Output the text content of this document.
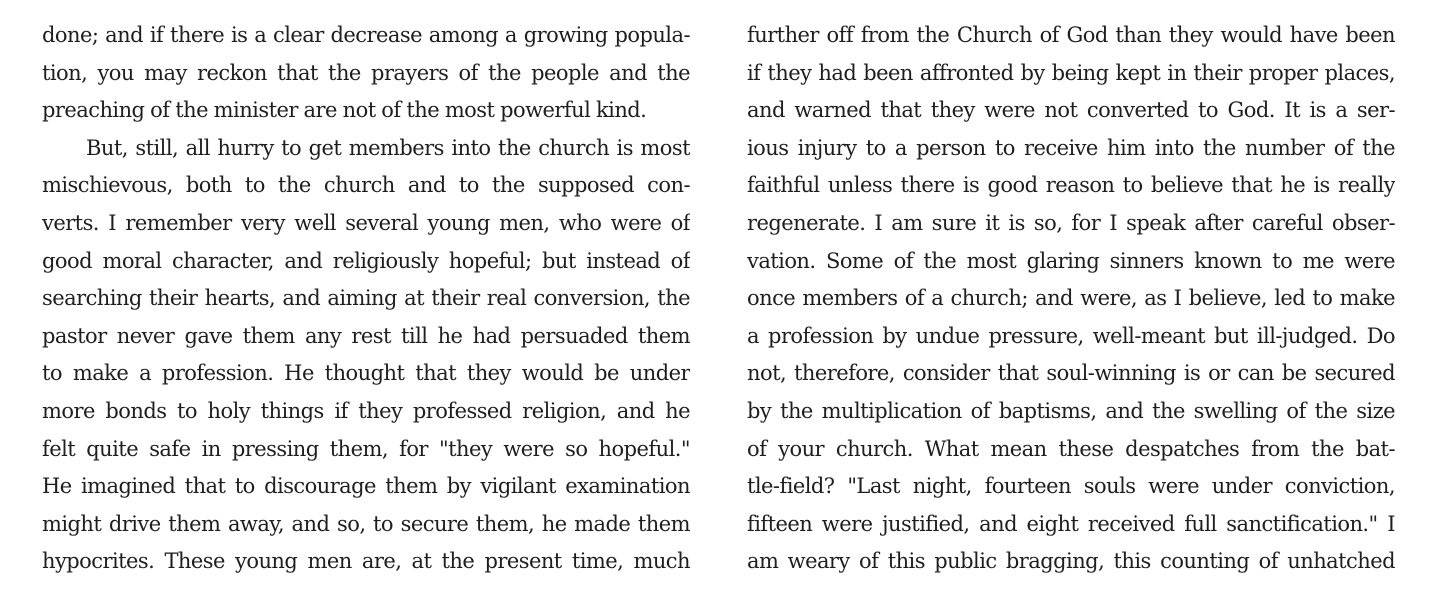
done; and if there is a clear decrease among a growing popula-
tion, you may reckon that the prayers of the people and the
preaching of the minister are not of the most powerful kind.
But, still, all hurry to get members into the church is most
mischievous, both to the church and to the supposed con-
verts. I remember very well several young men, who were of
good moral character, and religiously hopeful; but instead of
searching their hearts, and aiming at their real conversion, the
pastor never gave them any rest till he had persuaded them
to make a profession. He thought that they would be under
more bonds to holy things if they professed religion, and he
felt quite safe in pressing them, for "they were so hopeful."
He imagined that to discourage them by vigilant examination
might drive them away, and so, to secure them, he made them
hypocrites. These young men are, at the present time, much
further off from the Church of God than they would have been
if they had been affronted by being kept in their proper places,
and warned that they were not converted to God. It is a ser-
ious injury to a person to receive him into the number of the
faithful unless there is good reason to believe that he is really
regenerate. I am sure it is so, for I speak after careful obser-
vation. Some of the most glaring sinners known to me were
once members of a church; and were, as I believe, led to make
a profession by undue pressure, well-meant but ill-judged. Do
not, therefore, consider that soul-winning is or can be secured
by the multiplication of baptisms, and the swelling of the size
of your church. What mean these despatches from the bat-
tle-field? "Last night, fourteen souls were under conviction,
fifteen were justified, and eight received full sanctification." I
am weary of this public bragging, this counting of unhatched
